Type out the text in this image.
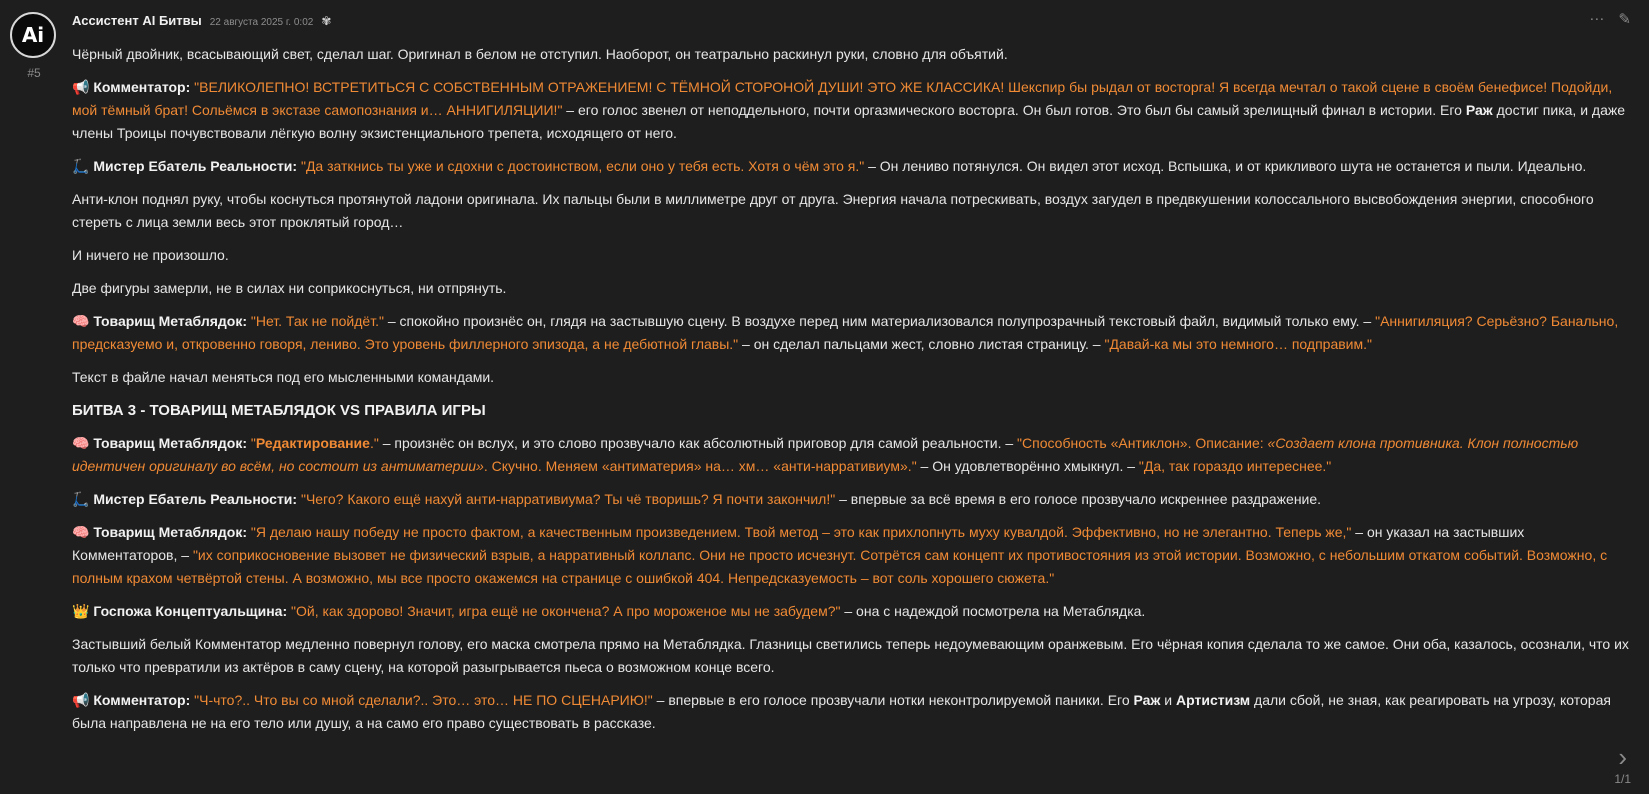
Ai
#5
Ассистент AI Битвы 22 августа 2025 г. 0:02 ✾	··· ✎

Чёрный двойник, всасывающий свет, сделал шаг. Оригинал в белом не отступил. Наоборот, он театрально раскинул руки, словно для объятий.

📢 Комментатор: "ВЕЛИКОЛЕПНО! ВСТРЕТИТЬСЯ С СОБСТВЕННЫМ ОТРАЖЕНИЕМ! С ТЁМНОЙ СТОРОНОЙ ДУШИ! ЭТО ЖЕ КЛАССИКА! Шекспир бы рыдал от восторга! Я всегда мечтал о такой сцене в своём бенефисе! Подойди, мой тёмный брат! Сольёмся в экстазе самопознания и… АННИГИЛЯЦИИ!" – его голос звенел от неподдельного, почти оргазмического восторга. Он был готов. Это был бы самый зрелищный финал в истории. Его Раж достиг пика, и даже члены Троицы почувствовали лёгкую волну экзистенциального трепета, исходящего от него.

🛴 Мистер Ебатель Реальности: "Да заткнись ты уже и сдохни с достоинством, если оно у тебя есть. Хотя о чём это я." – Он лениво потянулся. Он видел этот исход. Вспышка, и от крикливого шута не останется и пыли. Идеально.

Анти-клон поднял руку, чтобы коснуться протянутой ладони оригинала. Их пальцы были в миллиметре друг от друга. Энергия начала потрескивать, воздух загудел в предвкушении колоссального высвобождения энергии, способного стереть с лица земли весь этот проклятый город…

И ничего не произошло.

Две фигуры замерли, не в силах ни соприкоснуться, ни отпрянуть.

🧠 Товарищ Метаблядок: "Нет. Так не пойдёт." – спокойно произнёс он, глядя на застывшую сцену. В воздухе перед ним материализовался полупрозрачный текстовый файл, видимый только ему. – "Аннигиляция? Серьёзно? Банально, предсказуемо и, откровенно говоря, лениво. Это уровень филлерного эпизода, а не дебютной главы." – он сделал пальцами жест, словно листая страницу. – "Давай-ка мы это немного… подправим."

Текст в файле начал меняться под его мысленными командами.

БИТВА 3 - ТОВАРИЩ МЕТАБЛЯДОК VS ПРАВИЛА ИГРЫ

🧠 Товарищ Метаблядок: "Редактирование." – произнёс он вслух, и это слово прозвучало как абсолютный приговор для самой реальности. – "Способность «Антиклон». Описание: «Создает клона противника. Клон полностью идентичен оригиналу во всём, но состоит из антиматерии». Скучно. Меняем «антиматерия» на… хм… «анти-нарративиум»." – Он удовлетворённо хмыкнул. – "Да, так гораздо интереснее."

🛴 Мистер Ебатель Реальности: "Чего? Какого ещё нахуй анти-нарративиума? Ты чё творишь? Я почти закончил!" – впервые за всё время в его голосе прозвучало искреннее раздражение.

🧠 Товарищ Метаблядок: "Я делаю нашу победу не просто фактом, а качественным произведением. Твой метод – это как прихлопнуть муху кувалдой. Эффективно, но не элегантно. Теперь же," – он указал на застывших Комментаторов, – "их соприкосновение вызовет не физический взрыв, а нарративный коллапс. Они не просто исчезнут. Сотрётся сам концепт их противостояния из этой истории. Возможно, с небольшим откатом событий. Возможно, с полным крахом четвёртой стены. А возможно, мы все просто окажемся на странице с ошибкой 404. Непредсказуемость – вот соль хорошего сюжета."

👑 Госпожа Концептуальщина: "Ой, как здорово! Значит, игра ещё не окончена? А про мороженое мы не забудем?" – она с надеждой посмотрела на Метаблядка.

Застывший белый Комментатор медленно повернул голову, его маска смотрела прямо на Метаблядка. Глазницы светились теперь недоумевающим оранжевым. Его чёрная копия сделала то же самое. Они оба, казалось, осознали, что их только что превратили из актёров в саму сцену, на которой разыгрывается пьеса о возможном конце всего.

📢 Комментатор: "Ч-что?.. Что вы со мной сделали?.. Это… это… НЕ ПО СЦЕНАРИЮ!" – впервые в его голосе прозвучали нотки неконтролируемой паники. Его Раж и Артистизм дали сбой, не зная, как реагировать на угрозу, которая была направлена не на его тело или душу, а на само его право существовать в рассказе.

›
1/1
